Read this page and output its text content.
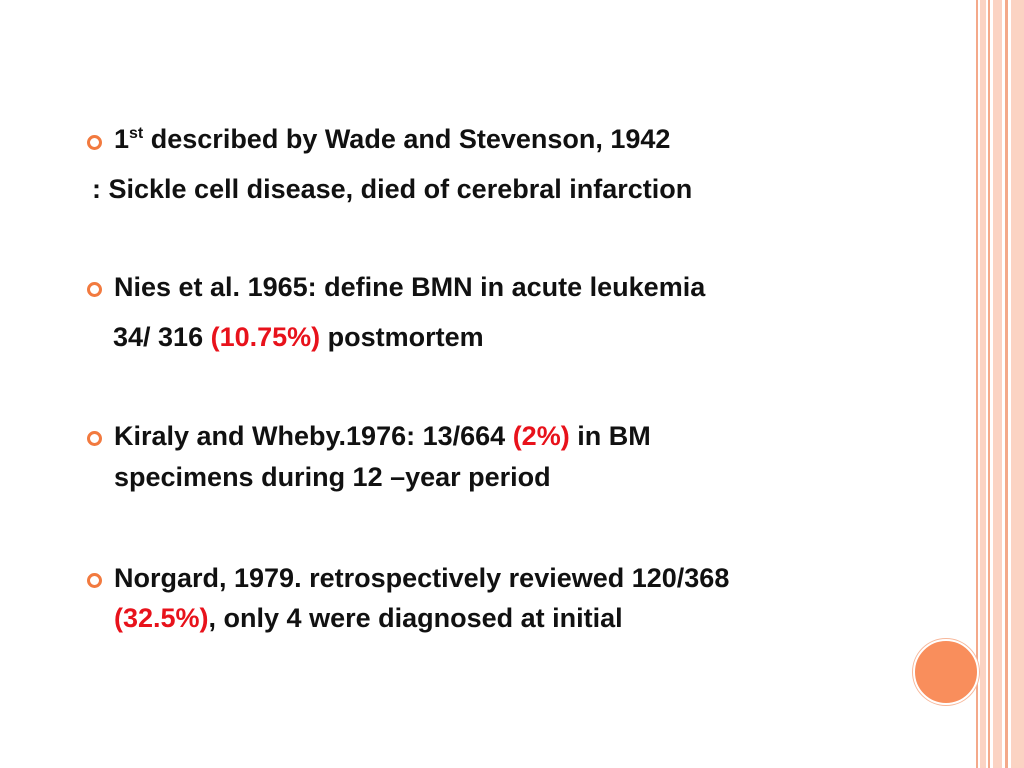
1st described by Wade and Stevenson, 1942
: Sickle cell disease, died of cerebral infarction
Nies et al. 1965: define BMN in acute leukemia
34/ 316 (10.75%) postmortem
Kiraly and Wheby.1976: 13/664 (2%) in BM
specimens during 12 –year period
Norgard, 1979. retrospectively reviewed 120/368
(32.5%), only 4 were diagnosed at initial
